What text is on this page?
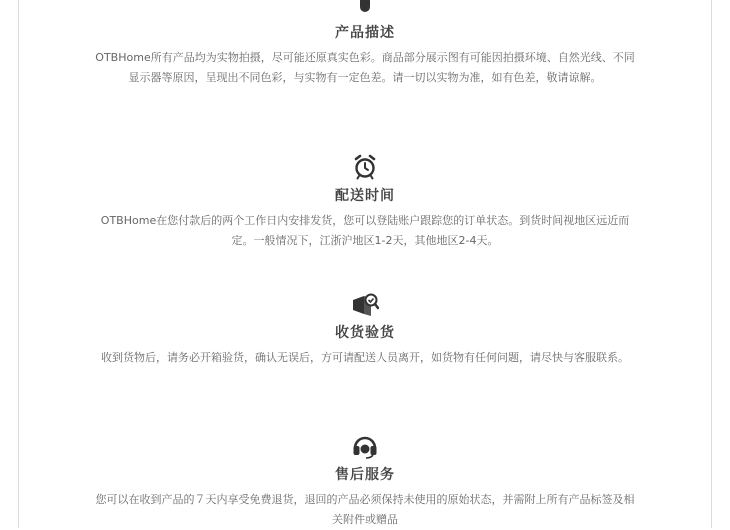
产品描述
OTBHome所有产品均为实物拍摄，尽可能还原真实色彩。商品部分展示图有可能因拍摄环境、自然光线、不同显示器等原因，呈现出不同色彩，与实物有一定色差。请一切以实物为准，如有色差，敬请谅解。
配送时间
OTBHome在您付款后的两个工作日内安排发货，您可以登陆账户跟踪您的订单状态。到货时间视地区远近而定。一般情况下，江浙沪地区1-2天，其他地区2-4天。
收货验货
收到货物后，请务必开箱验货，确认无误后，方可请配送人员离开，如货物有任何问题，请尽快与客服联系。
售后服务
您可以在收到产品的７天内享受免费退货，退回的产品必须保持未使用的原始状态，并需附上所有产品标签及相关附件或赠品
